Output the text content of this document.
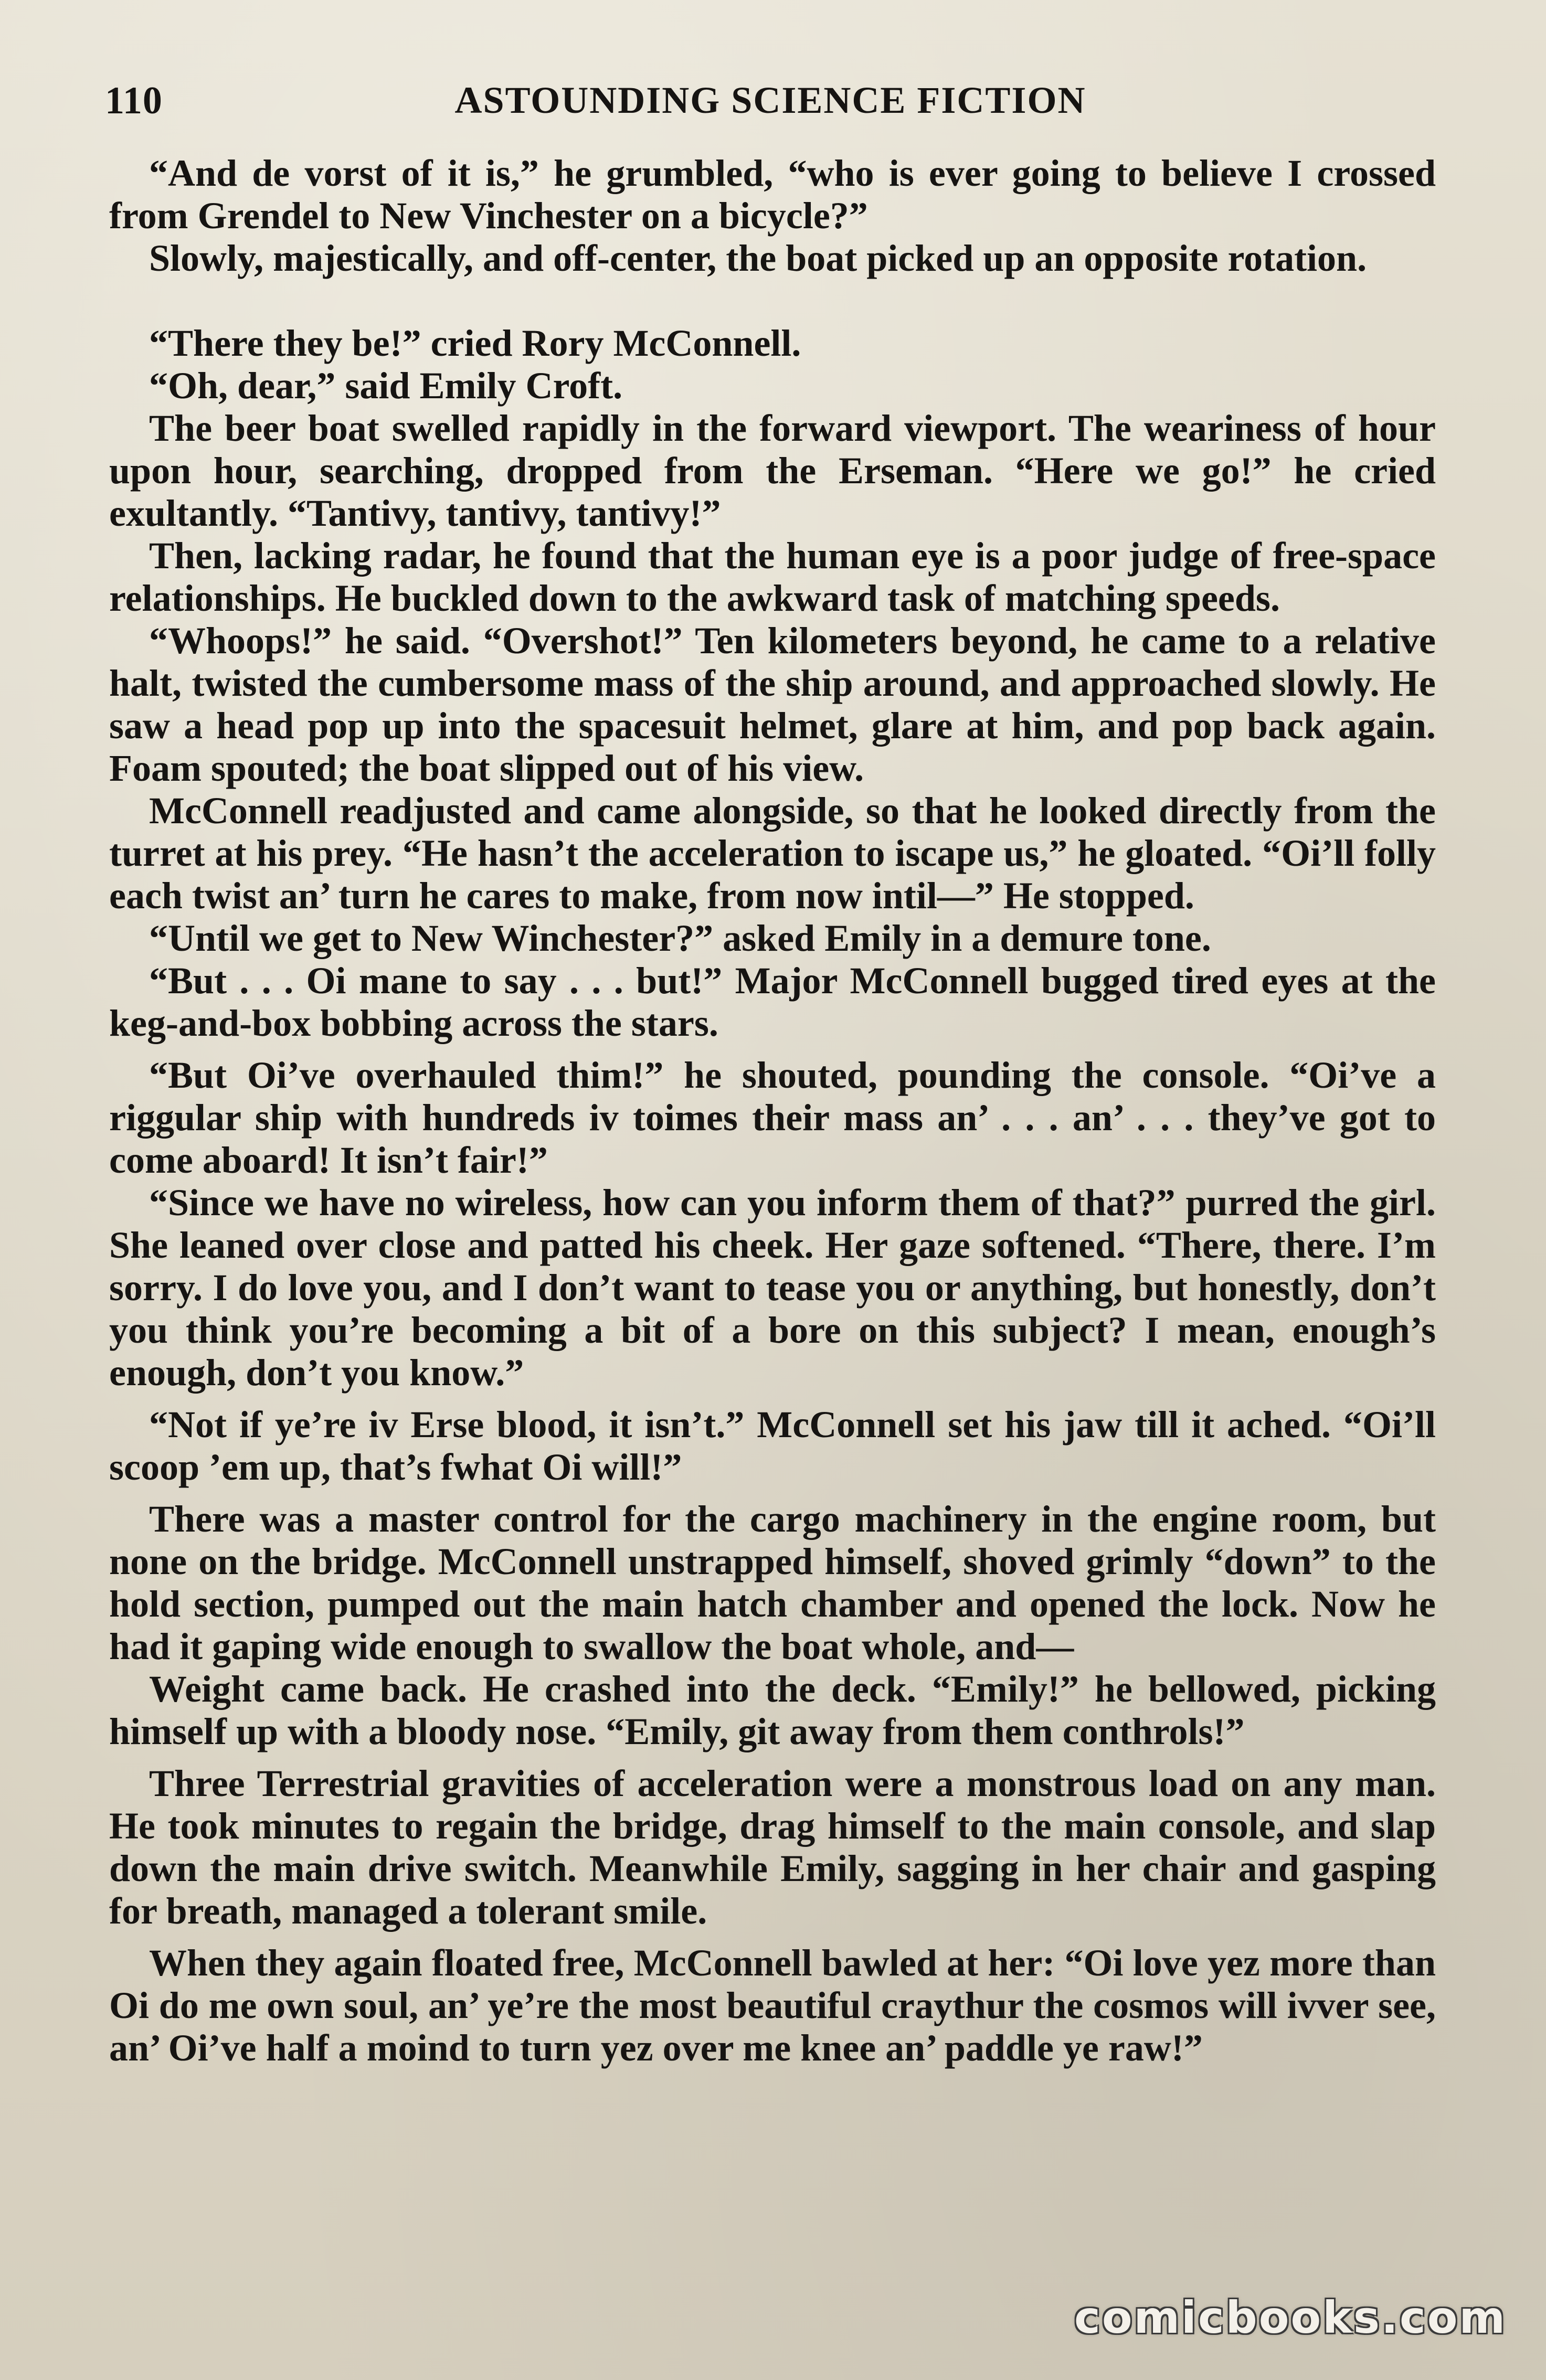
110	ASTOUNDING SCIENCE FICTION

“And de vorst of it is,” he grumbled, “who is ever going to believe I crossed from Grendel to New Vinchester on a bicycle?”

Slowly, majestically, and off-center, the boat picked up an opposite rotation.

“There they be!” cried Rory McConnell.

“Oh, dear,” said Emily Croft.

The beer boat swelled rapidly in the forward viewport. The weariness of hour upon hour, searching, dropped from the Erseman. “Here we go!” he cried exultantly. “Tantivy, tantivy, tantivy!”

Then, lacking radar, he found that the human eye is a poor judge of free-space relationships. He buckled down to the awkward task of matching speeds.

“Whoops!” he said. “Overshot!” Ten kilometers beyond, he came to a relative halt, twisted the cumbersome mass of the ship around, and approached slowly. He saw a head pop up into the spacesuit helmet, glare at him, and pop back again. Foam spouted; the boat slipped out of his view.

McConnell readjusted and came alongside, so that he looked directly from the turret at his prey. “He hasn’t the acceleration to iscape us,” he gloated. “Oi’ll folly each twist an’ turn he cares to make, from now intil—” He stopped.

“Until we get to New Winchester?” asked Emily in a demure tone.

“But . . . Oi mane to say . . . but!” Major McConnell bugged tired eyes at the keg-and-box bobbing across the stars.

“But Oi’ve overhauled thim!” he shouted, pounding the console. “Oi’ve a riggular ship with hundreds iv toimes their mass an’ . . . an’ . . . they’ve got to come aboard! It isn’t fair!”

“Since we have no wireless, how can you inform them of that?” purred the girl. She leaned over close and patted his cheek. Her gaze softened. “There, there. I’m sorry. I do love you, and I don’t want to tease you or anything, but honestly, don’t you think you’re becoming a bit of a bore on this subject? I mean, enough’s enough, don’t you know.”

“Not if ye’re iv Erse blood, it isn’t.” McConnell set his jaw till it ached. “Oi’ll scoop ’em up, that’s fwhat Oi will!”

There was a master control for the cargo machinery in the engine room, but none on the bridge. McConnell unstrapped himself, shoved grimly “down” to the hold section, pumped out the main hatch chamber and opened the lock. Now he had it gaping wide enough to swallow the boat whole, and—

Weight came back. He crashed into the deck. “Emily!” he bellowed, picking himself up with a bloody nose. “Emily, git away from them conthrols!”

Three Terrestrial gravities of acceleration were a monstrous load on any man. He took minutes to regain the bridge, drag himself to the main console, and slap down the main drive switch. Meanwhile Emily, sagging in her chair and gasping for breath, managed a tolerant smile.

When they again floated free, McConnell bawled at her: “Oi love yez more than Oi do me own soul, an’ ye’re the most beautiful craythur the cosmos will ivver see, an’ Oi’ve half a moind to turn yez over me knee an’ paddle ye raw!”

comicbooks.com
